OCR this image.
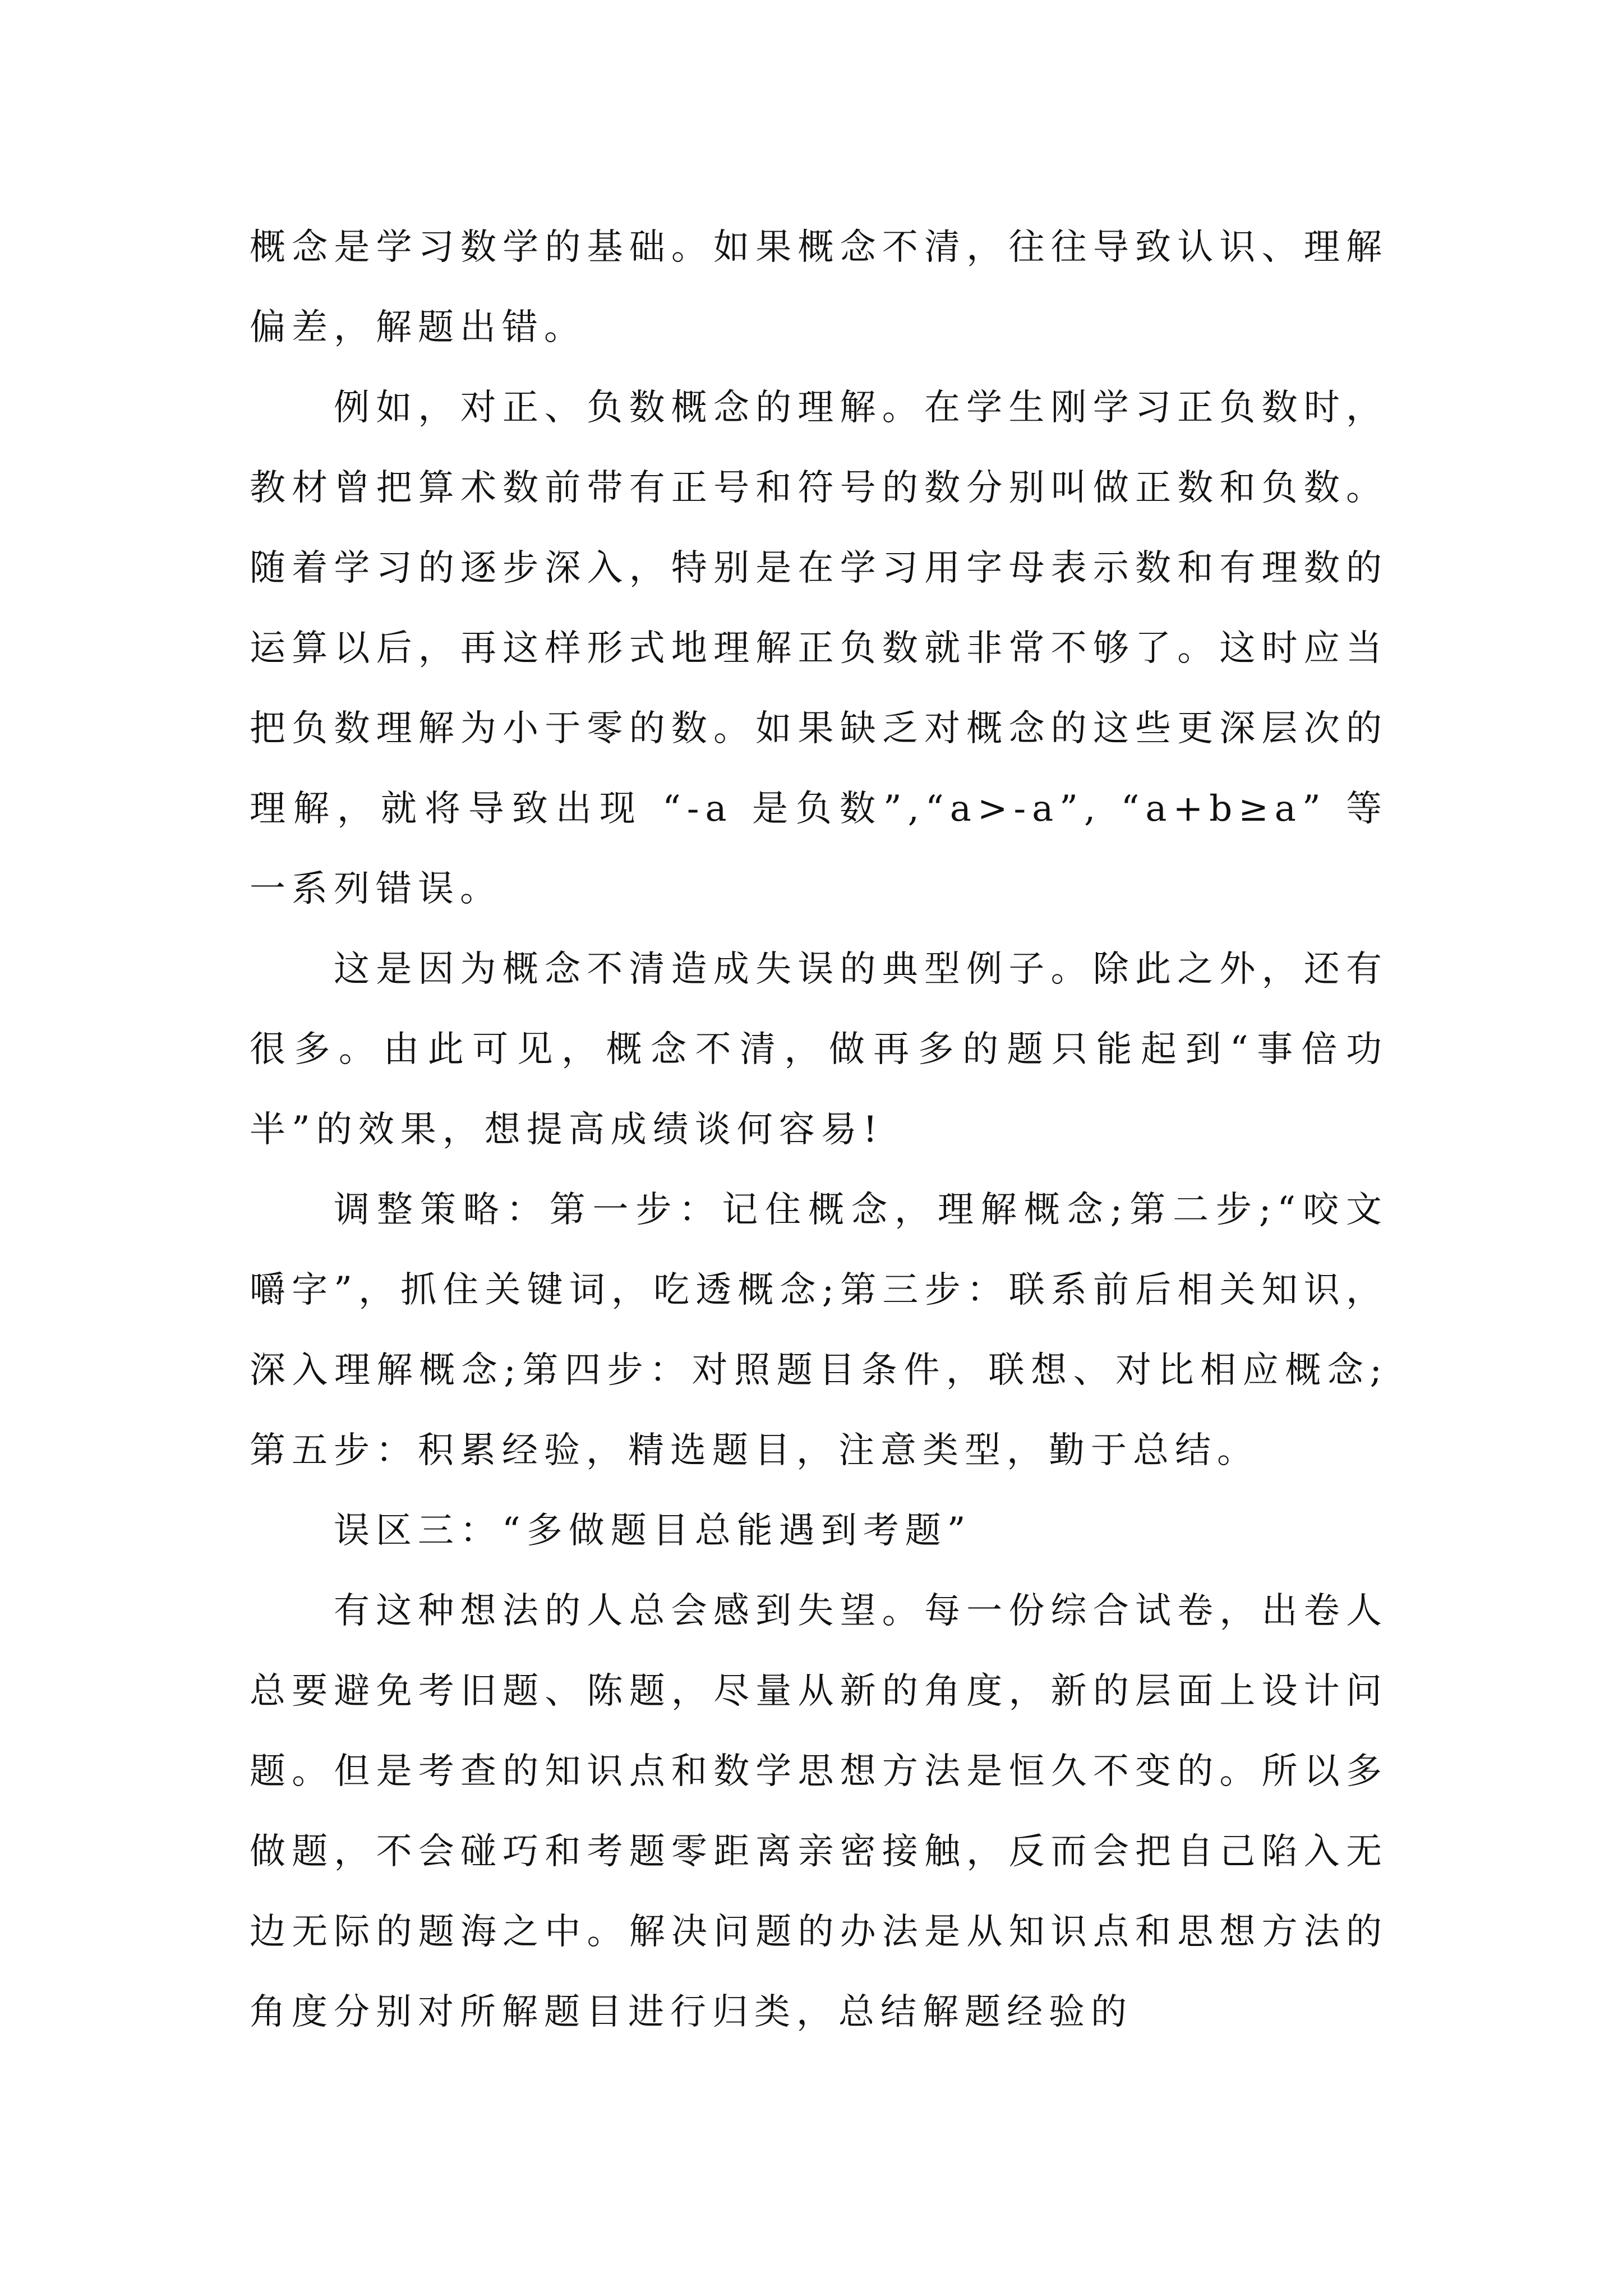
概念是学习数学的基础。如果概念不清，往往导致认识、理解偏差，解题出错。

例如，对正、负数概念的理解。在学生刚学习正负数时，教材曾把算术数前带有正号和符号的数分别叫做正数和负数。随着学习的逐步深入，特别是在学习用字母表示数和有理数的运算以后，再这样形式地理解正负数就非常不够了。这时应当把负数理解为小于零的数。如果缺乏对概念的这些更深层次的理解，就将导致出现 “-a 是负数”,“a>-a”, “a+b≥a” 等一系列错误。

这是因为概念不清造成失误的典型例子。除此之外，还有很多。由此可见，概念不清，做再多的题只能起到“事倍功半”的效果，想提高成绩谈何容易!

调整策略：第一步：记住概念，理解概念;第二步;“咬文嚼字”，抓住关键词，吃透概念;第三步：联系前后相关知识，深入理解概念;第四步：对照题目条件，联想、对比相应概念;第五步：积累经验，精选题目，注意类型，勤于总结。

误区三：“多做题目总能遇到考题”

有这种想法的人总会感到失望。每一份综合试卷，出卷人总要避免考旧题、陈题，尽量从新的角度，新的层面上设计问题。但是考查的知识点和数学思想方法是恒久不变的。所以多做题，不会碰巧和考题零距离亲密接触，反而会把自己陷入无边无际的题海之中。解决问题的办法是从知识点和思想方法的角度分别对所解题目进行归类，总结解题经验的
